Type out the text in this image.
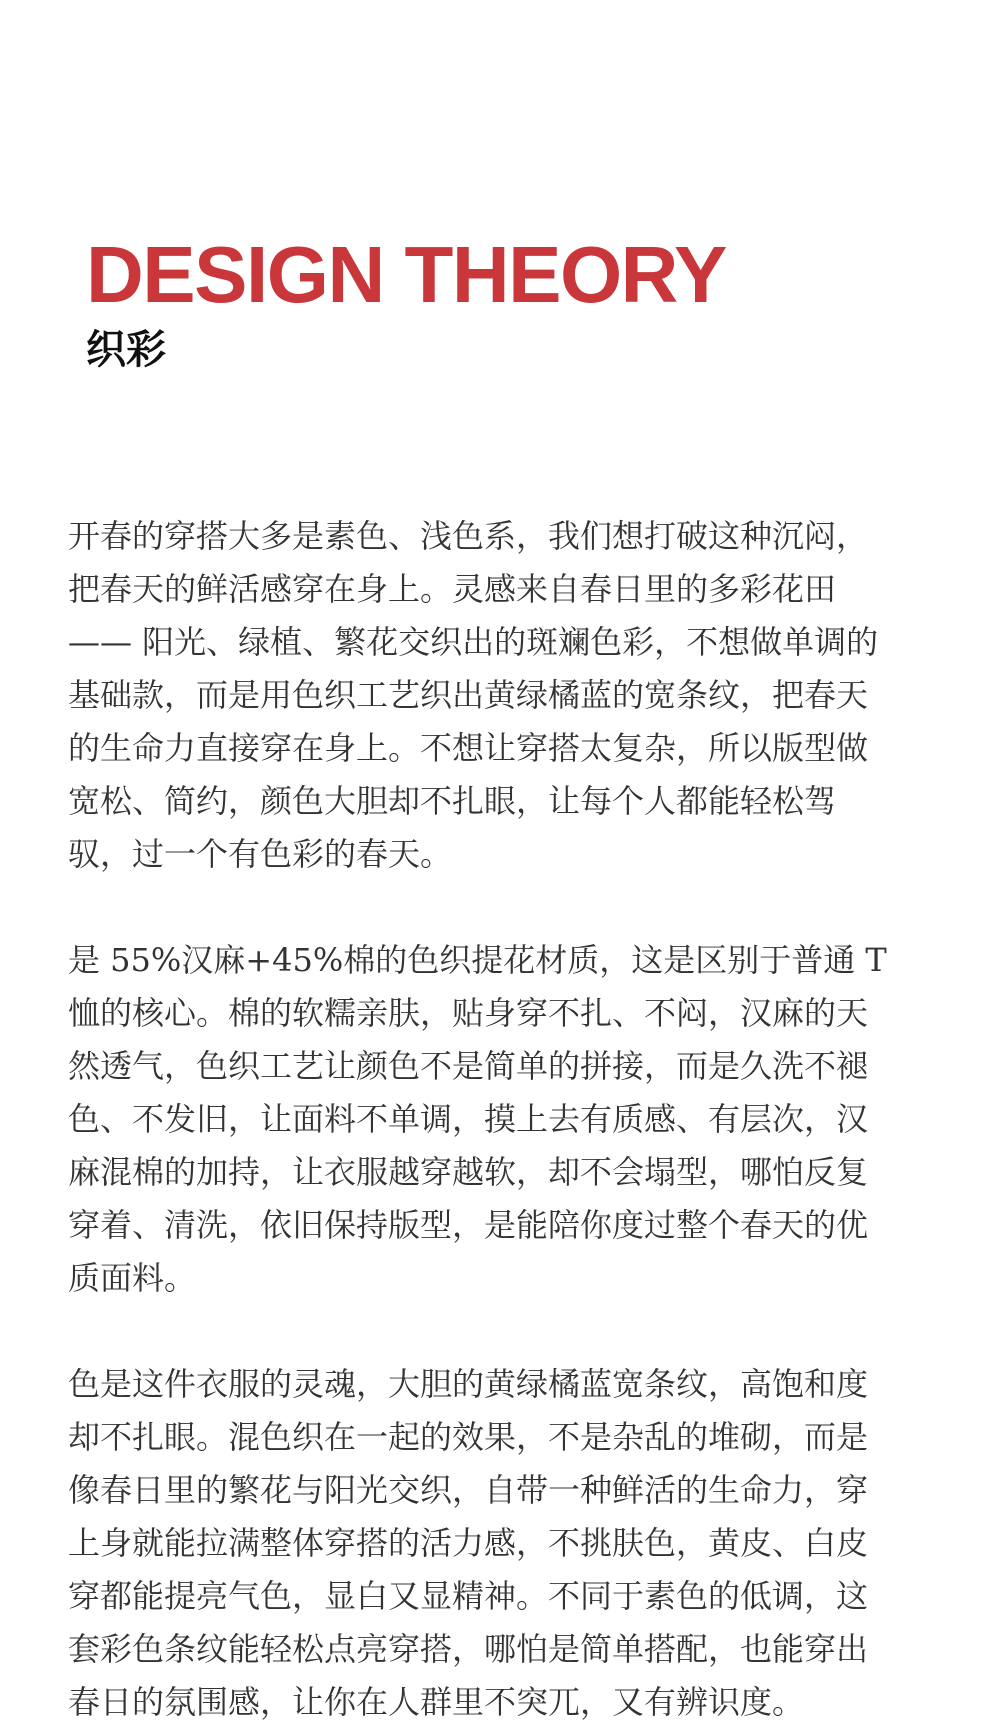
DESIGN THEORY
织彩

开春的穿搭大多是素色、浅色系，我们想打破这种沉闷，
把春天的鲜活感穿在身上。灵感来自春日里的多彩花田
—— 阳光、绿植、繁花交织出的斑斓色彩，不想做单调的
基础款，而是用色织工艺织出黄绿橘蓝的宽条纹，把春天
的生命力直接穿在身上。不想让穿搭太复杂，所以版型做
宽松、简约，颜色大胆却不扎眼，让每个人都能轻松驾
驭，过一个有色彩的春天。

是 55%汉麻+45%棉的色织提花材质，这是区别于普通 T
恤的核心。棉的软糯亲肤，贴身穿不扎、不闷，汉麻的天
然透气，色织工艺让颜色不是简单的拼接，而是久洗不褪
色、不发旧，让面料不单调，摸上去有质感、有层次，汉
麻混棉的加持，让衣服越穿越软，却不会塌型，哪怕反复
穿着、清洗，依旧保持版型，是能陪你度过整个春天的优
质面料。

色是这件衣服的灵魂，大胆的黄绿橘蓝宽条纹，高饱和度
却不扎眼。混色织在一起的效果，不是杂乱的堆砌，而是
像春日里的繁花与阳光交织，自带一种鲜活的生命力，穿
上身就能拉满整体穿搭的活力感，不挑肤色，黄皮、白皮
穿都能提亮气色，显白又显精神。不同于素色的低调，这
套彩色条纹能轻松点亮穿搭，哪怕是简单搭配，也能穿出
春日的氛围感，让你在人群里不突兀，又有辨识度。
